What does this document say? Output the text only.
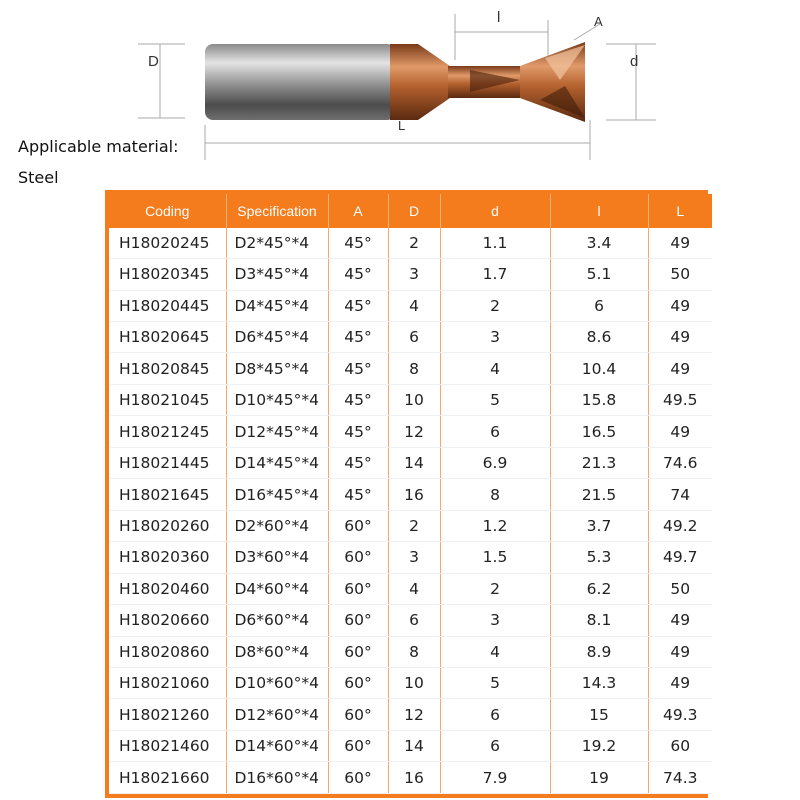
D
l	A
d
L
Applicable material:
Steel
Coding	Specification	A	D	d	l	L
H18020245	D2*45°*4	45°	2	1.1	3.4	49
H18020345	D3*45°*4	45°	3	1.7	5.1	50
H18020445	D4*45°*4	45°	4	2	6	49
H18020645	D6*45°*4	45°	6	3	8.6	49
H18020845	D8*45°*4	45°	8	4	10.4	49
H18021045	D10*45°*4	45°	10	5	15.8	49.5
H18021245	D12*45°*4	45°	12	6	16.5	49
H18021445	D14*45°*4	45°	14	6.9	21.3	74.6
H18021645	D16*45°*4	45°	16	8	21.5	74
H18020260	D2*60°*4	60°	2	1.2	3.7	49.2
H18020360	D3*60°*4	60°	3	1.5	5.3	49.7
H18020460	D4*60°*4	60°	4	2	6.2	50
H18020660	D6*60°*4	60°	6	3	8.1	49
H18020860	D8*60°*4	60°	8	4	8.9	49
H18021060	D10*60°*4	60°	10	5	14.3	49
H18021260	D12*60°*4	60°	12	6	15	49.3
H18021460	D14*60°*4	60°	14	6	19.2	60
H18021660	D16*60°*4	60°	16	7.9	19	74.3
